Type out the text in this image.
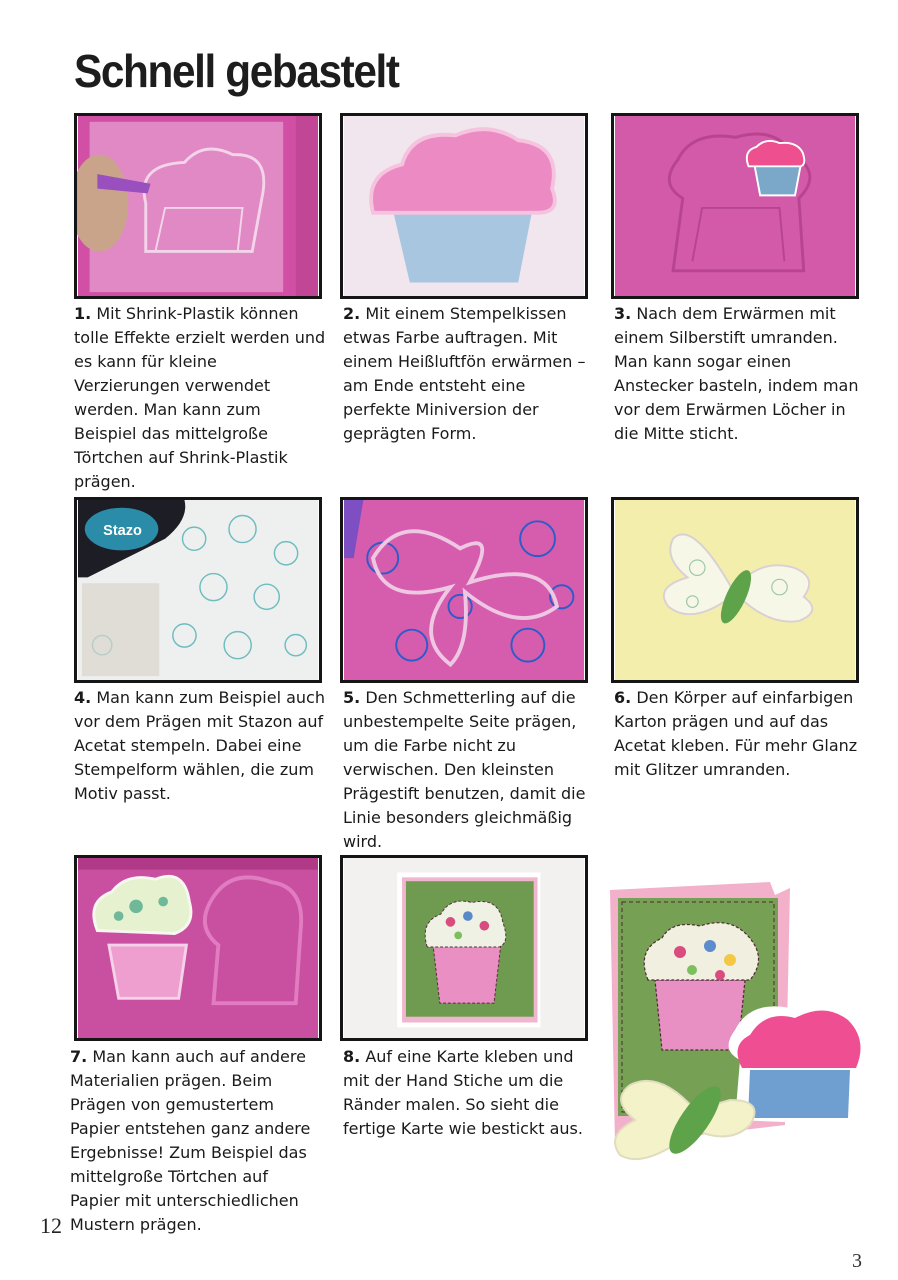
Schnell gebastelt

1. Mit Shrink-Plastik können tolle Effekte erzielt werden und es kann für kleine Verzierungen verwendet werden. Man kann zum Beispiel das mittelgroße Törtchen auf Shrink-Plastik prägen.

2. Mit einem Stempelkissen etwas Farbe auftragen. Mit einem Heißluftfön erwärmen – am Ende entsteht eine perfekte Miniversion der geprägten Form.

3. Nach dem Erwärmen mit einem Silberstift umranden. Man kann sogar einen Anstecker basteln, indem man vor dem Erwärmen Löcher in die Mitte sticht.

Stazo

4. Man kann zum Beispiel auch vor dem Prägen mit Stazon auf Acetat stempeln. Dabei eine Stempelform wählen, die zum Motiv passt.

5. Den Schmetterling auf die unbestempelte Seite prägen, um die Farbe nicht zu verwischen. Den kleinsten Prägestift benutzen, damit die Linie besonders gleichmäßig wird.

6. Den Körper auf einfarbigen Karton prägen und auf das Acetat kleben. Für mehr Glanz mit Glitzer umranden.

7. Man kann auch auf andere Materialien prägen. Beim Prägen von gemustertem Papier entstehen ganz andere Ergebnisse! Zum Beispiel das mittelgroße Törtchen auf Papier mit unterschiedlichen Mustern prägen.

8. Auf eine Karte kleben und mit der Hand Stiche um die Ränder malen. So sieht die fertige Karte wie bestickt aus.

12
3
